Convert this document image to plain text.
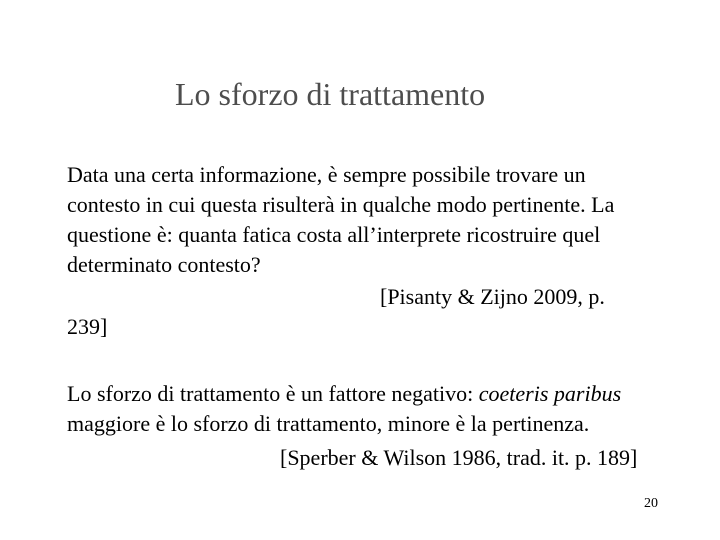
Lo sforzo di trattamento
Data una certa informazione, è sempre possibile trovare un
contesto in cui questa risulterà in qualche modo pertinente. La
questione è: quanta fatica costa all’interprete ricostruire quel
determinato contesto?
[Pisanty & Zijno 2009, p.
239]
Lo sforzo di trattamento è un fattore negativo: coeteris paribus
maggiore è lo sforzo di trattamento, minore è la pertinenza.
[Sperber & Wilson 1986, trad. it. p. 189]
20
